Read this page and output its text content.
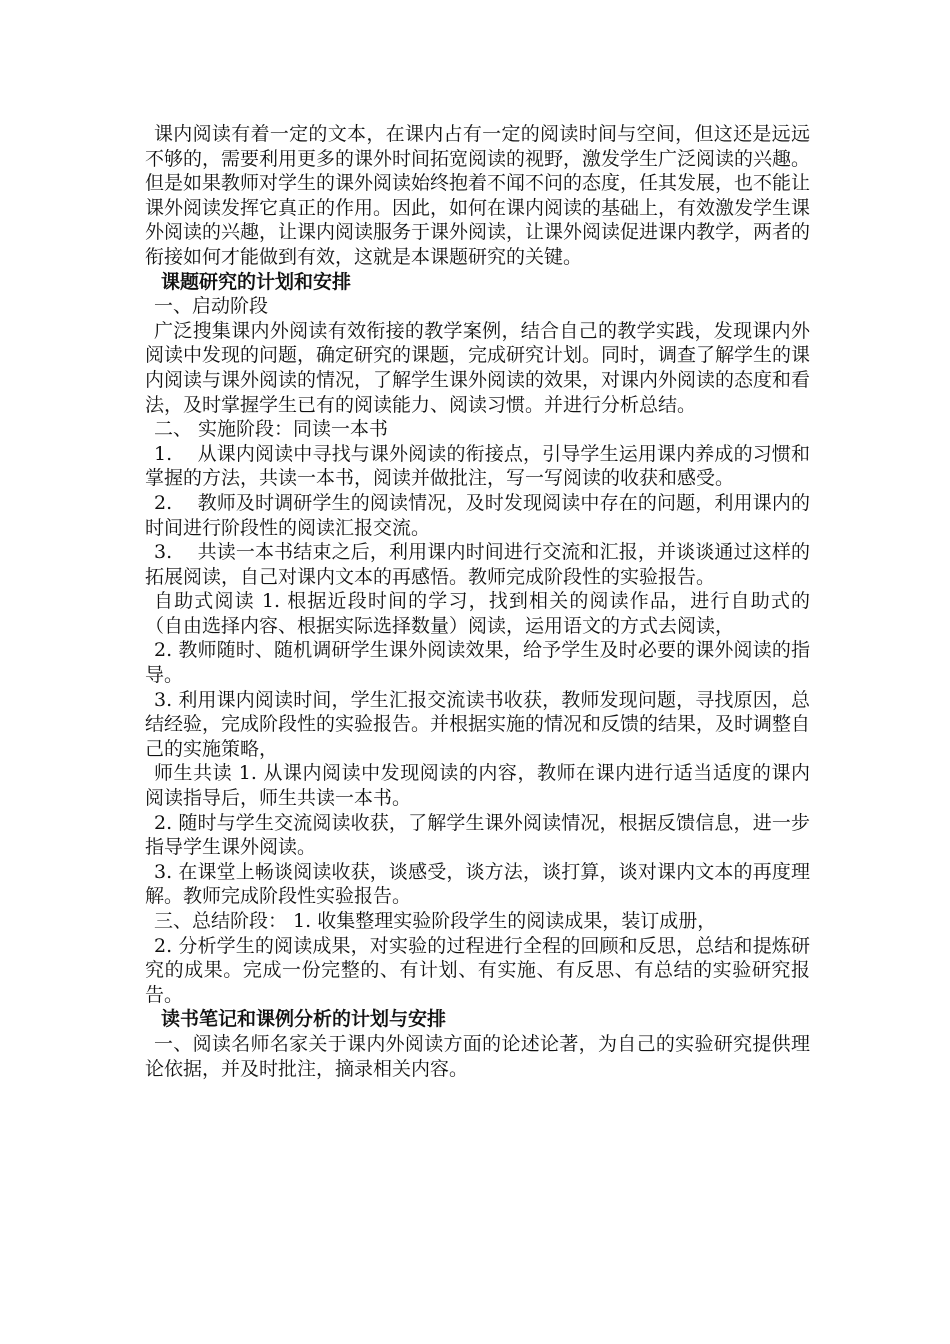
课内阅读有着一定的文本，在课内占有一定的阅读时间与空间，但这还是远远不够的，需要利用更多的课外时间拓宽阅读的视野，激发学生广泛阅读的兴趣。但是如果教师对学生的课外阅读始终抱着不闻不问的态度，任其发展，也不能让课外阅读发挥它真正的作用。因此，如何在课内阅读的基础上，有效激发学生课外阅读的兴趣，让课内阅读服务于课外阅读，让课外阅读促进课内教学，两者的衔接如何才能做到有效，这就是本课题研究的关键。

课题研究的计划和安排

一、启动阶段

广泛搜集课内外阅读有效衔接的教学案例，结合自己的教学实践，发现课内外阅读中发现的问题，确定研究的课题，完成研究计划。同时，调查了解学生的课内阅读与课外阅读的情况，了解学生课外阅读的效果，对课内外阅读的态度和看法，及时掌握学生已有的阅读能力、阅读习惯。并进行分析总结。

二、 实施阶段：同读一本书

1.　 从课内阅读中寻找与课外阅读的衔接点，引导学生运用课内养成的习惯和掌握的方法，共读一本书，阅读并做批注，写一写阅读的收获和感受。

2.　 教师及时调研学生的阅读情况，及时发现阅读中存在的问题，利用课内的时间进行阶段性的阅读汇报交流。

3.　 共读一本书结束之后，利用课内时间进行交流和汇报，并谈谈通过这样的拓展阅读，自己对课内文本的再感悟。教师完成阶段性的实验报告。

自助式阅读 1. 根据近段时间的学习，找到相关的阅读作品，进行自助式的（自由选择内容、根据实际选择数量）阅读，运用语文的方式去阅读，

2. 教师随时、随机调研学生课外阅读效果，给予学生及时必要的课外阅读的指导。

3. 利用课内阅读时间，学生汇报交流读书收获，教师发现问题，寻找原因，总结经验，完成阶段性的实验报告。并根据实施的情况和反馈的结果，及时调整自己的实施策略，

师生共读 1. 从课内阅读中发现阅读的内容，教师在课内进行适当适度的课内阅读指导后，师生共读一本书。

2. 随时与学生交流阅读收获，了解学生课外阅读情况，根据反馈信息，进一步指导学生课外阅读。

3. 在课堂上畅谈阅读收获，谈感受，谈方法，谈打算，谈对课内文本的再度理解。教师完成阶段性实验报告。

三、总结阶段： 1. 收集整理实验阶段学生的阅读成果，装订成册，

2. 分析学生的阅读成果，对实验的过程进行全程的回顾和反思，总结和提炼研究的成果。完成一份完整的、有计划、有实施、有反思、有总结的实验研究报告。

读书笔记和课例分析的计划与安排

一、阅读名师名家关于课内外阅读方面的论述论著，为自己的实验研究提供理论依据，并及时批注，摘录相关内容。
